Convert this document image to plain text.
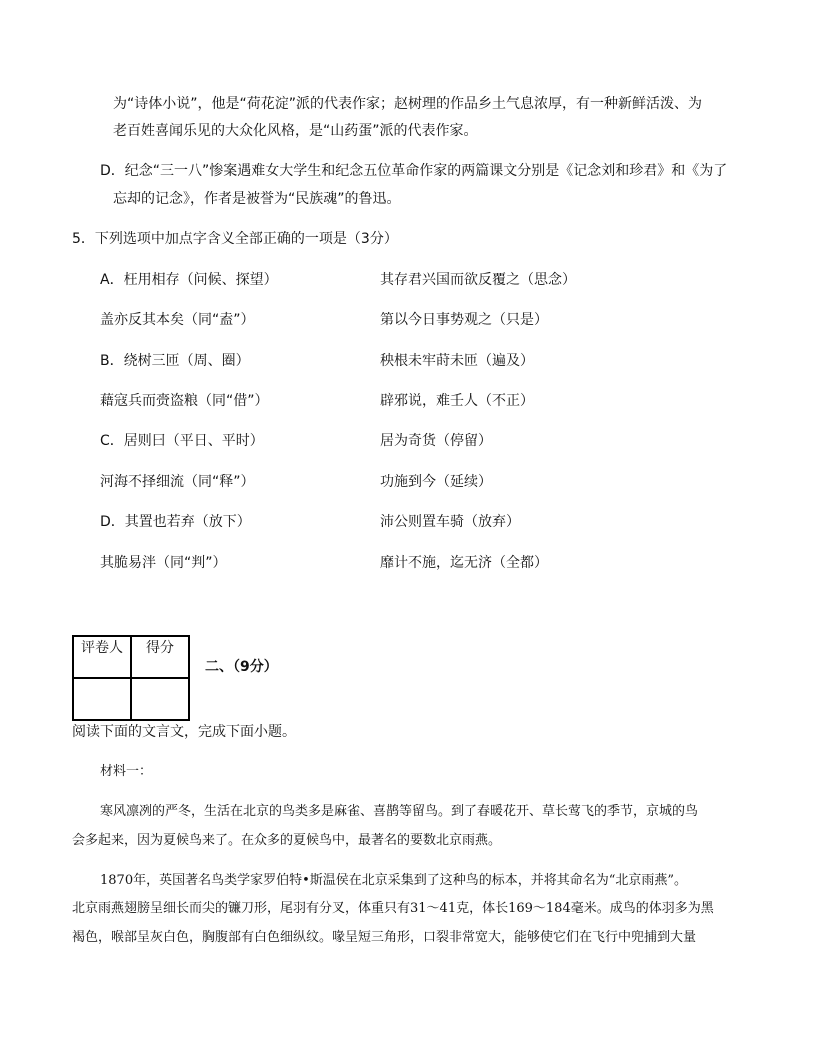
为“诗体小说”，他是“荷花淀”派的代表作家；赵树理的作品乡土气息浓厚，有一种新鲜活泼、为
老百姓喜闻乐见的大众化风格，是“山药蛋”派的代表作家。
D．纪念“三一八”惨案遇难女大学生和纪念五位革命作家的两篇课文分别是《记念刘和珍君》和《为了
忘却的记念》，作者是被誉为“民族魂”的鲁迅。
5．下列选项中加点字含义全部正确的一项是（3分）
A．枉用相存（问候、探望）	其存君兴国而欲反覆之（思念）
盖亦反其本矣（同“盍”）	第以今日事势观之（只是）
B．绕树三匝（周、圈）	秧根未牢莳未匝（遍及）
藉寇兵而赍盗粮（同“借”）	辟邪说，难壬人（不正）
C．居则曰（平日、平时）	居为奇货（停留）
河海不择细流（同“释”）	功施到今（延续）
D．其置也若弃（放下）	沛公则置车骑（放弃）
其脆易泮（同“判”）	靡计不施，迄无济（全都）
评卷人	得分

二、（9分）
阅读下面的文言文，完成下面小题。
材料一：
寒风凛冽的严冬，生活在北京的鸟类多是麻雀、喜鹊等留鸟。到了春暖花开、草长莺飞的季节，京城的鸟
会多起来，因为夏候鸟来了。在众多的夏候鸟中，最著名的要数北京雨燕。
1870年，英国著名鸟类学家罗伯特•斯温侯在北京采集到了这种鸟的标本，并将其命名为“北京雨燕”。
北京雨燕翅膀呈细长而尖的镰刀形，尾羽有分叉，体重只有31～41克，体长169～184毫米。成鸟的体羽多为黑
褐色，喉部呈灰白色，胸腹部有白色细纵纹。喙呈短三角形，口裂非常宽大，能够使它们在飞行中兜捕到大量
